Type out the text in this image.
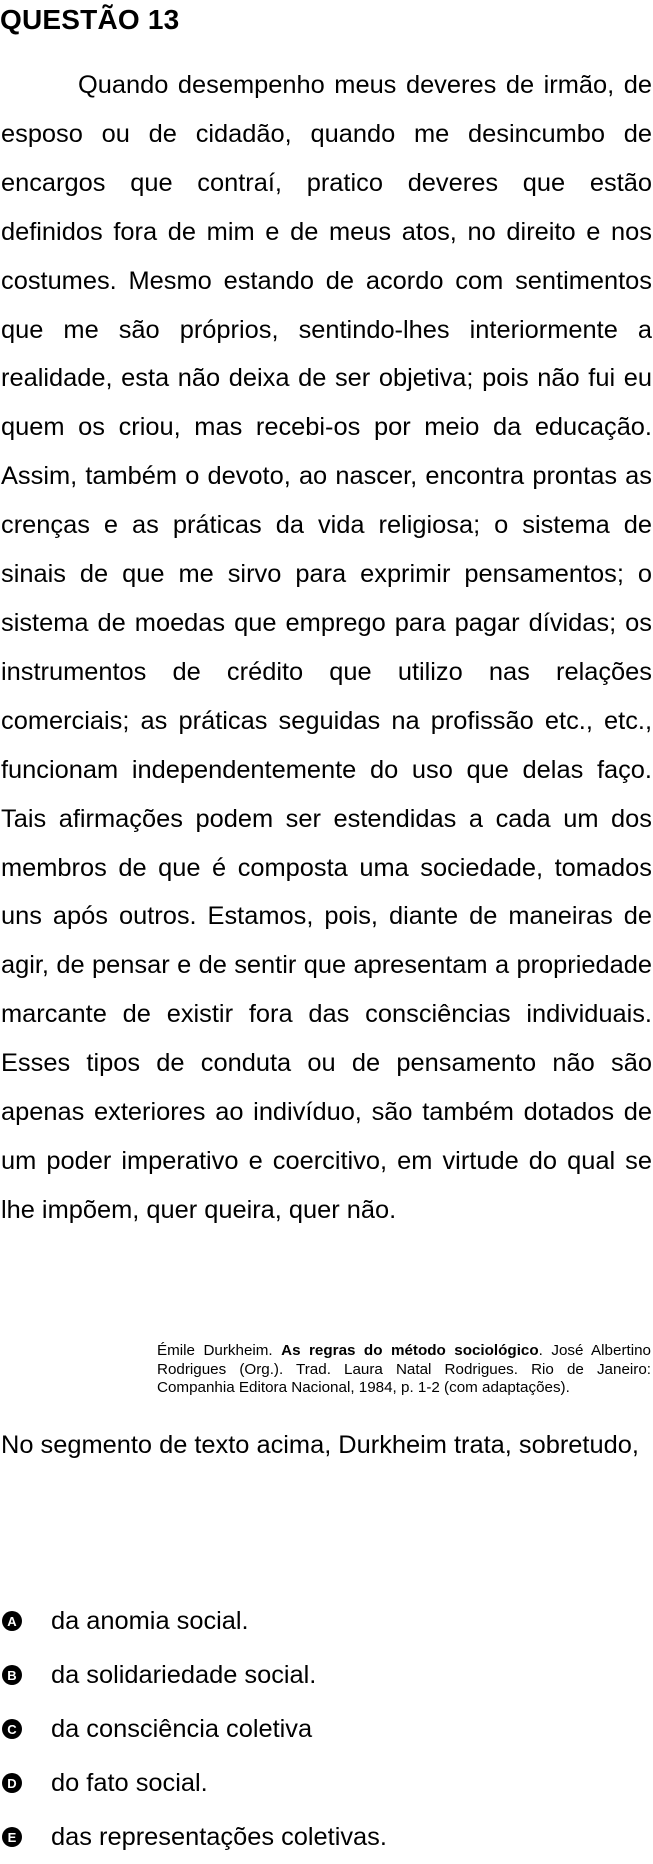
QUESTÃO 13

Quando desempenho meus deveres de irmão, de esposo ou de cidadão, quando me desincumbo de encargos que contraí, pratico deveres que estão definidos fora de mim e de meus atos, no direito e nos costumes. Mesmo estando de acordo com sentimentos que me são próprios, sentindo-lhes interiormente a realidade, esta não deixa de ser objetiva; pois não fui eu quem os criou, mas recebi-os por meio da educação. Assim, também o devoto, ao nascer, encontra prontas as crenças e as práticas da vida religiosa; o sistema de sinais de que me sirvo para exprimir pensamentos; o sistema de moedas que emprego para pagar dívidas; os instrumentos de crédito que utilizo nas relações comerciais; as práticas seguidas na profissão etc., etc., funcionam independentemente do uso que delas faço. Tais afirmações podem ser estendidas a cada um dos membros de que é composta uma sociedade, tomados uns após outros. Estamos, pois, diante de maneiras de agir, de pensar e de sentir que apresentam a propriedade marcante de existir fora das consciências individuais. Esses tipos de conduta ou de pensamento não são apenas exteriores ao indivíduo, são também dotados de um poder imperativo e coercitivo, em virtude do qual se lhe impõem, quer queira, quer não.

Émile Durkheim. As regras do método sociológico. José Albertino Rodrigues (Org.). Trad. Laura Natal Rodrigues. Rio de Janeiro: Companhia Editora Nacional, 1984, p. 1-2 (com adaptações).

No segmento de texto acima, Durkheim trata, sobretudo,

A da anomia social.
B da solidariedade social.
C da consciência coletiva
D do fato social.
E das representações coletivas.
